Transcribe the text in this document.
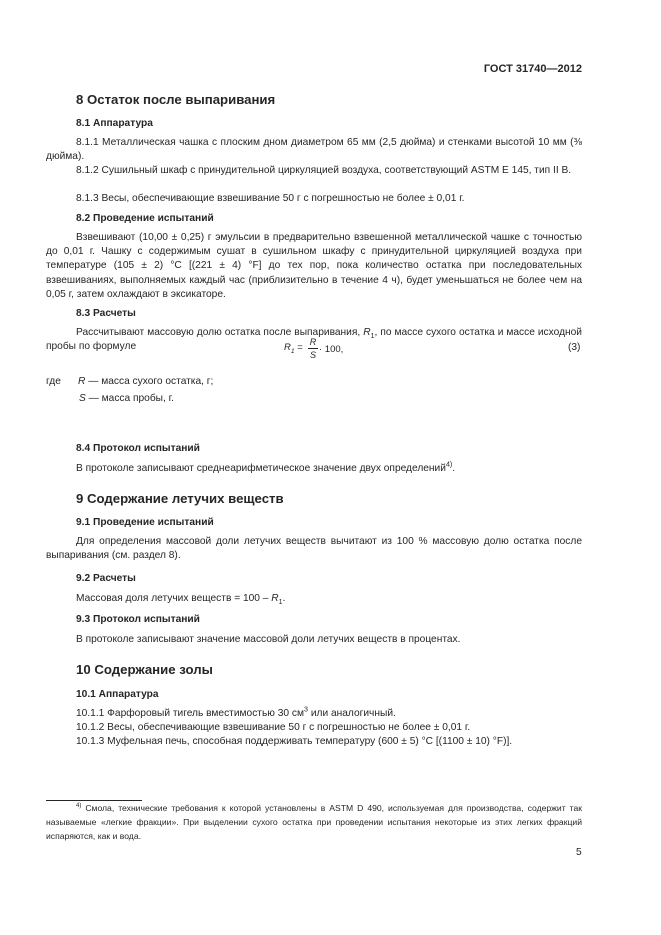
ГОСТ 31740—2012
8 Остаток после выпаривания
8.1 Аппаратура
8.1.1 Металлическая чашка с плоским дном диаметром 65 мм (2,5 дюйма) и стенками высотой 10 мм (⅜ дюйма).
8.1.2 Сушильный шкаф с принудительной циркуляцией воздуха, соответствующий ASTM E 145, тип II B.
8.1.3 Весы, обеспечивающие взвешивание 50 г с погрешностью не более ± 0,01 г.
8.2 Проведение испытаний
Взвешивают (10,00 ± 0,25) г эмульсии в предварительно взвешенной металлической чашке с точностью до 0,01 г. Чашку с содержимым сушат в сушильном шкафу с принудительной циркуляцией воздуха при температуре (105 ± 2) °С [(221 ± 4) °F] до тех пор, пока количество остатка при последовательных взвешиваниях, выполняемых каждый час (приблизительно в течение 4 ч), будет уменьшаться не более чем на 0,05 г, затем охлаждают в эксикаторе.
8.3 Расчеты
Рассчитывают массовую долю остатка после выпаривания, $R_1$, по массе сухого остатка и массе исходной пробы по формуле	$R_1 = R$
S · 100,	(3)
где R — масса сухого остатка, г;
S — масса пробы, г.
8.4 Протокол испытаний
В протоколе записывают среднеарифметическое значение двух определений$^{4)}$.
9 Содержание летучих веществ
9.1 Проведение испытаний
Для определения массовой доли летучих веществ вычитают из 100 % массовую долю остатка после выпаривания (см. раздел 8).
9.2 Расчеты
Массовая доля летучих веществ = $100 - R_1$.
9.3 Протокол испытаний
В протоколе записывают значение массовой доли летучих веществ в процентах.
10 Содержание золы
10.1 Аппаратура
10.1.1 Фарфоровый тигель вместимостью 30 $см^3$ или аналогичный.
10.1.2 Весы, обеспечивающие взвешивание 50 г с погрешностью не более ± 0,01 г.
10.1.3 Муфельная печь, способная поддерживать температуру (600 ± 5) °С [(1100 ± 10) °F)].
$^{4)}$ Смола, технические требования к которой установлены в ASTM D 490, используемая для производства, содержит так называемые «легкие фракции». При выделении сухого остатка при проведении испытания некоторые из этих легких фракций испаряются, как и вода.
5
